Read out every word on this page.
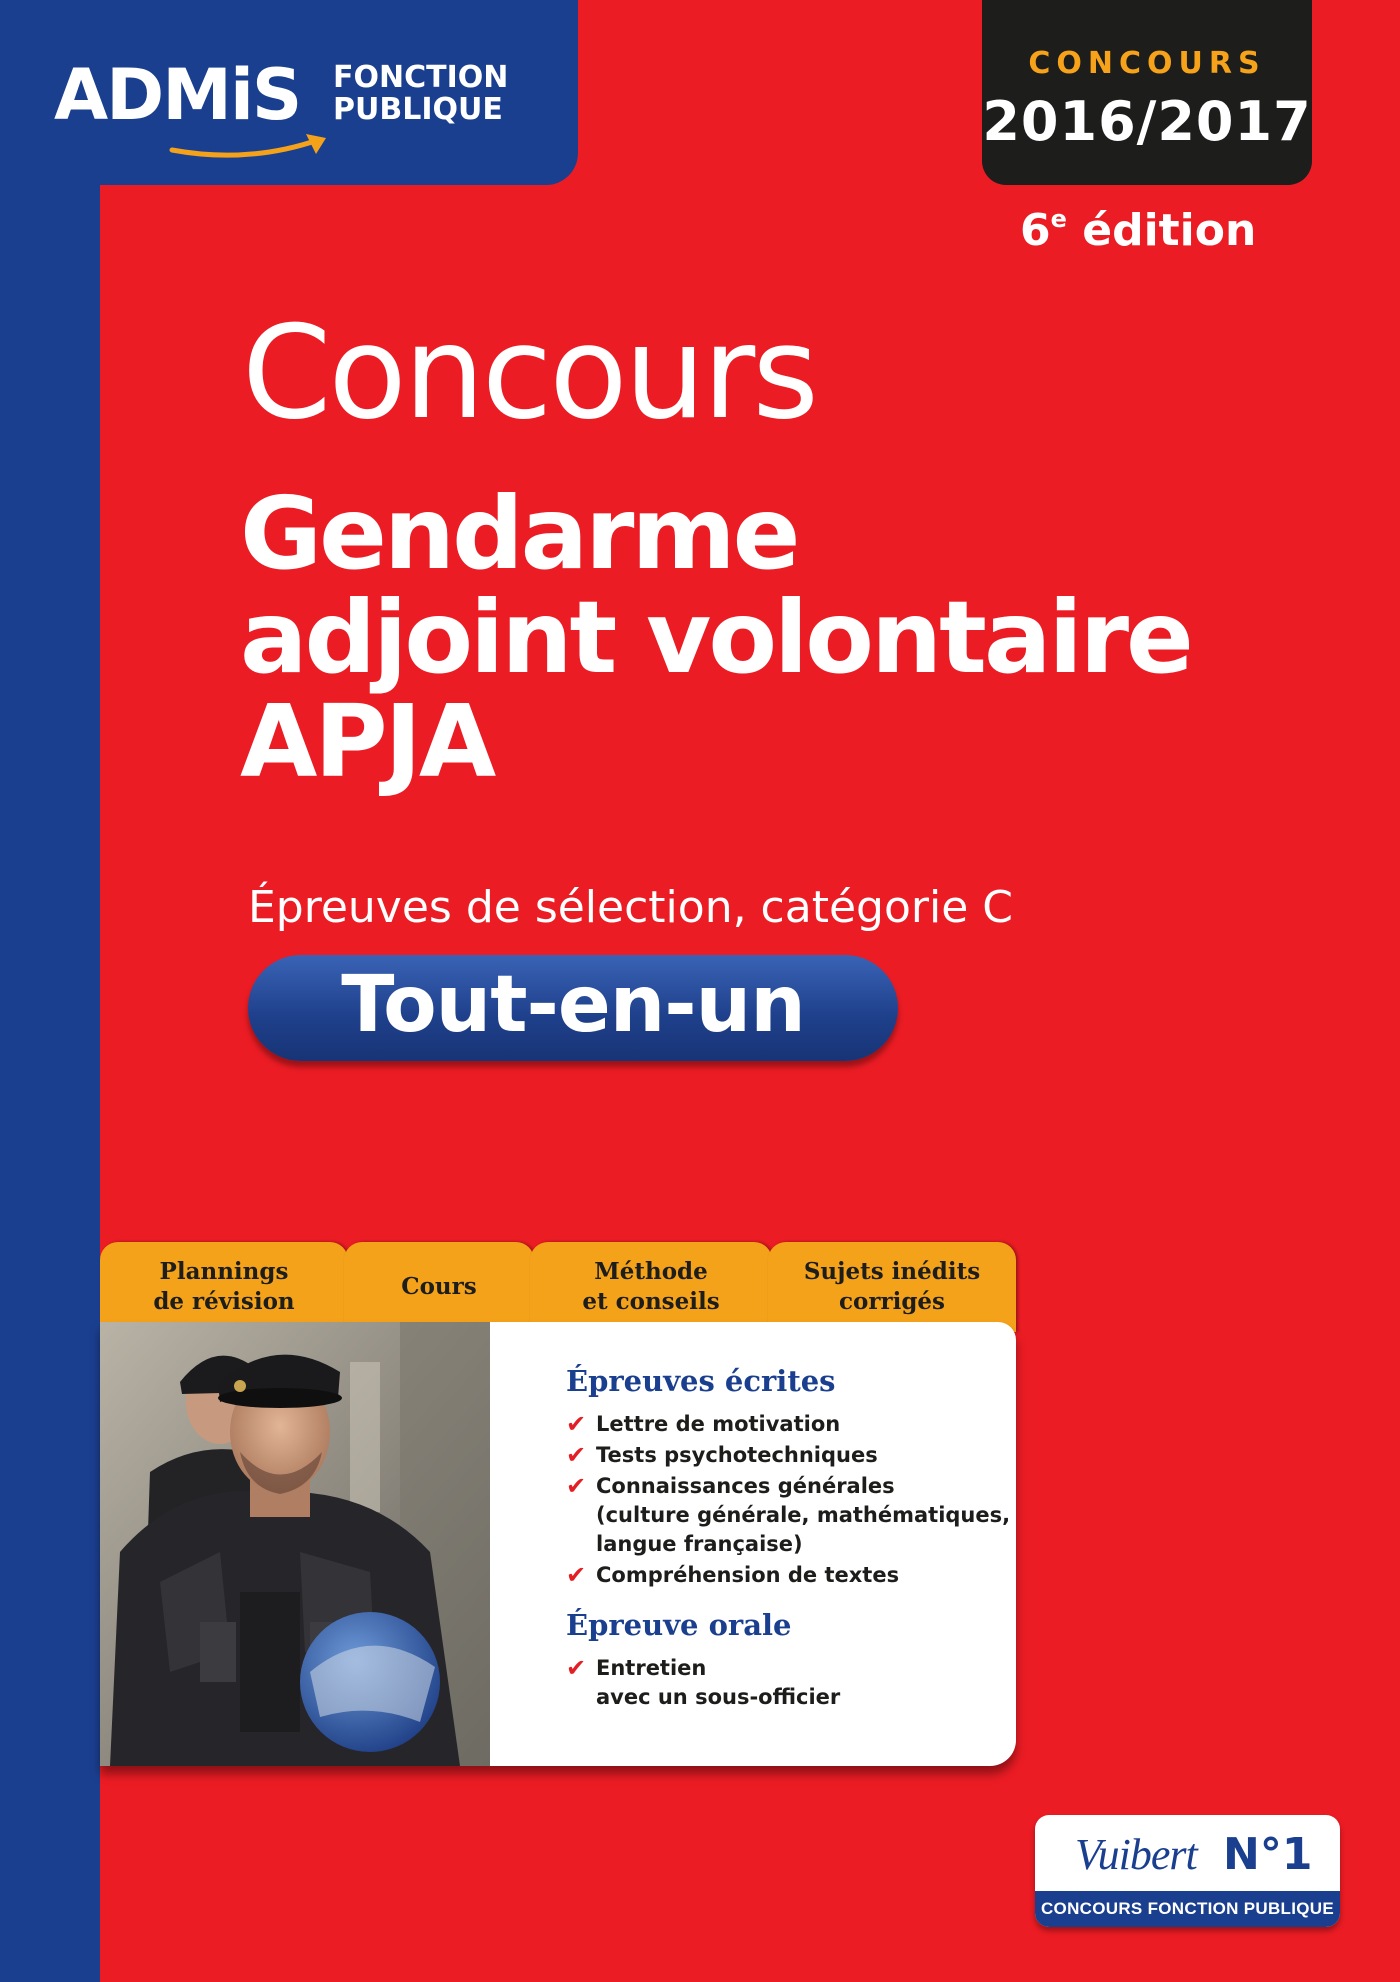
ADMiS FONCTION
PUBLIQUE
CONCOURS
2016/2017
6e édition
Concours
Gendarme
adjoint volontaire
APJA
Épreuves de sélection, catégorie C
Tout-en-un
Plannings
de révision
Cours
Méthode
et conseils
Sujets inédits
corrigés
Épreuves écrites
✔ Lettre de motivation
✔ Tests psychotechniques
✔ Connaissances générales
(culture générale, mathématiques,
langue française)
✔ Compréhension de textes
Épreuve orale
✔ Entretien
avec un sous-officier
Vuibert N°1
CONCOURS FONCTION PUBLIQUE
